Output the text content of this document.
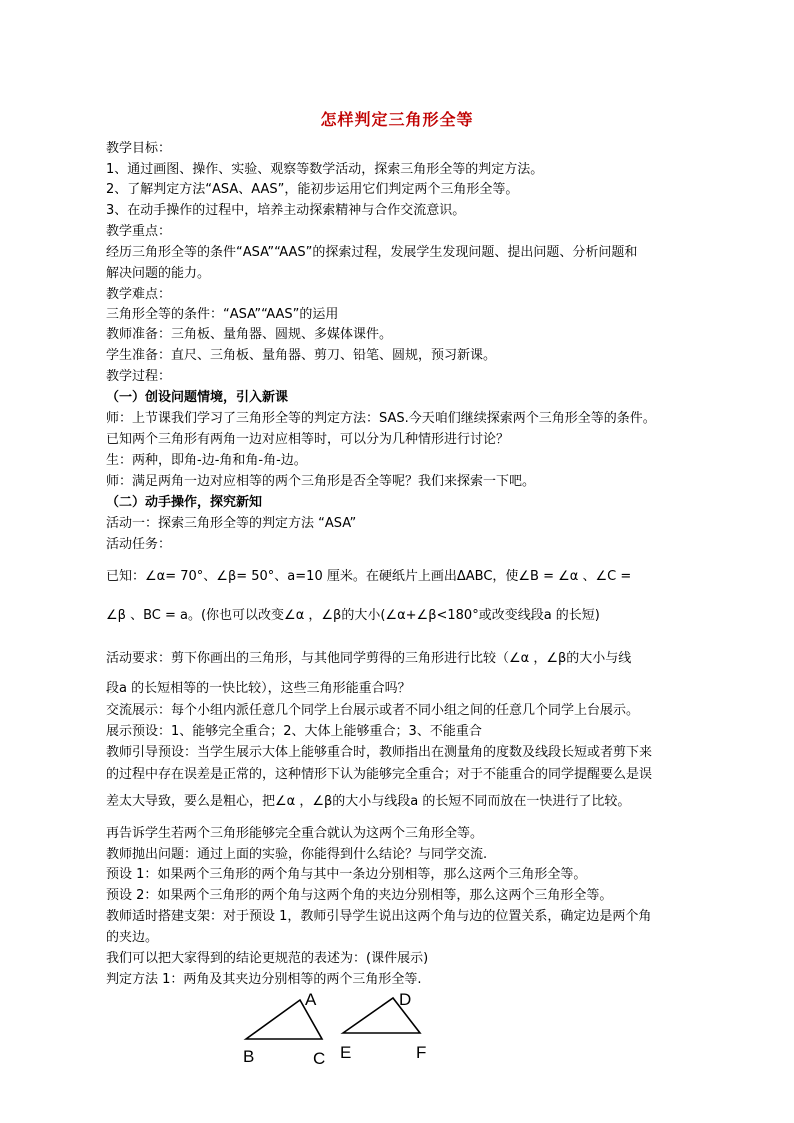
怎样判定三角形全等
教学目标：
1、通过画图、操作、实验、观察等数学活动，探索三角形全等的判定方法。
2、了解判定方法“ASA、AAS”，能初步运用它们判定两个三角形全等。
3、在动手操作的过程中，培养主动探索精神与合作交流意识。
教学重点：
经历三角形全等的条件“ASA”“AAS”的探索过程，发展学生发现问题、提出问题、分析问题和
解决问题的能力。
教学难点：
三角形全等的条件：“ASA”“AAS”的运用
教师准备：三角板、量角器、圆规、多媒体课件。
学生准备：直尺、三角板、量角器、剪刀、铅笔、圆规，预习新课。
教学过程：
（一）创设问题情境，引入新课
师：上节课我们学习了三角形全等的判定方法：SAS.今天咱们继续探索两个三角形全等的条件。
已知两个三角形有两角一边对应相等时，可以分为几种情形进行讨论？
生：两种，即角-边-角和角-角-边。
师：满足两角一边对应相等的两个三角形是否全等呢？我们来探索一下吧。
（二）动手操作，探究新知
活动一：探索三角形全等的判定方法 “ASA”
活动任务：
已知：∠α= 70°、∠β= 50°、a=10 厘米。在硬纸片上画出ΔABC，使∠B = ∠α 、∠C =
∠β 、BC = a。(你也可以改变∠α ，∠β的大小(∠α+∠β<180°或改变线段a 的长短)
活动要求：剪下你画出的三角形，与其他同学剪得的三角形进行比较（∠α ，∠β的大小与线
段a 的长短相等的一快比较），这些三角形能重合吗？
交流展示：每个小组内派任意几个同学上台展示或者不同小组之间的任意几个同学上台展示。
展示预设：1、能够完全重合；2、大体上能够重合；3、不能重合
教师引导预设：当学生展示大体上能够重合时，教师指出在测量角的度数及线段长短或者剪下来
的过程中存在误差是正常的，这种情形下认为能够完全重合；对于不能重合的同学提醒要么是误
差太大导致，要么是粗心，把∠α ，∠β的大小与线段a 的长短不同而放在一快进行了比较。
再告诉学生若两个三角形能够完全重合就认为这两个三角形全等。
教师抛出问题：通过上面的实验，你能得到什么结论？与同学交流.
预设 1：如果两个三角形的两个角与其中一条边分别相等，那么这两个三角形全等。
预设 2：如果两个三角形的两个角与这两个角的夹边分别相等，那么这两个三角形全等。
教师适时搭建支架：对于预设 1，教师引导学生说出这两个角与边的位置关系，确定边是两个角
的夹边。
我们可以把大家得到的结论更规范的表述为：(课件展示)
判定方法 1：两角及其夹边分别相等的两个三角形全等.
A
B	C
D
E	F
